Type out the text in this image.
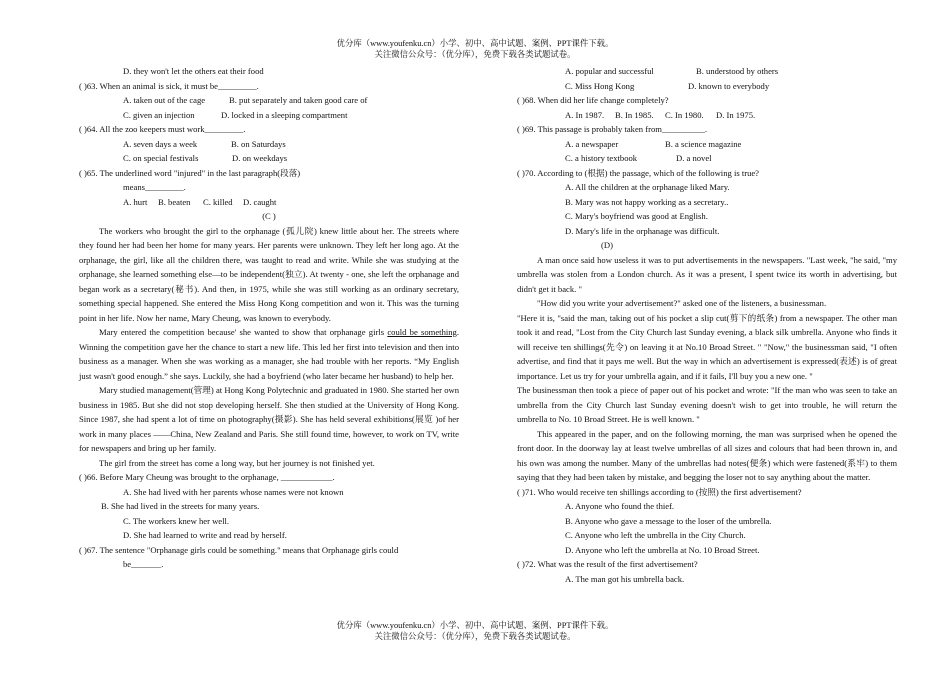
优分库（www.youfenku.cn）小学、初中、高中试题、案例、PPT课件下载。
关注微信公众号：（优分库），免费下载各类试题试卷。
D. they won't let the others eat their food
( )63. When an animal is sick, it must be_________.
A. taken out of the cage	B. put separately and taken good care of
C. given an injection	D. locked in a sleeping compartment
( )64. All the zoo keepers must work_________.
A. seven days a week	B. on Saturdays
C. on special festivals	D. on weekdays
( )65. The underlined word "injured" in the last paragraph(段落)
means_________.
A. hurt B. beaten C. killed D. caught
(C )
The workers who brought the girl to the orphanage (孤儿院) knew little about her. The streets where they found her had been her home for many years. Her parents were unknown. They left her long ago. At the orphanage, the girl, like all the children there, was taught to read and write. While she was studying at the orphanage, she learned something else—to be independent(独立). At twenty - one, she left the orphanage and began work as a secretary(秘书). And then, in 1975, while she was still working as an ordinary secretary, something special happened. She entered the Miss Hong Kong competition and won it. This was the turning point in her life. Now her name, Mary Cheung, was known to everybody.
Mary entered the competition because' she wanted to show that orphanage girls could be something. Winning the competition gave her the chance to start a new life. This led her first into television and then into business as a manager. When she was working as a manager, she had trouble with her reports. “My English just wasn't good enough.” she says. Luckily, she had a boyfriend (who later became her husband) to help her.
Mary studied management(管理) at Hong Kong Polytechnic and graduated in 1980. She started her own business in 1985. But she did not stop developing herself. She then studied at the University of Hong Kong. Since 1987, she had spent a lot of time on photography(摄影). She has held several exhibitions(展览 )of her work in many places ——China, New Zealand and Paris. She still found time, however, to work on TV, write for newspapers and bring up her family.
The girl from the street has come a long way, but her journey is not finished yet.
( )66. Before Mary Cheung was brought to the orphanage, ____________.
A. She had lived with her parents whose names were not known
B. She had lived in the streets for many years.
C. The workers knew her well.
D. She had learned to write and read by herself.
( )67. The sentence "Orphanage girls could be something." means that Orphanage girls could
be_______.
A. popular and successful	B. understood by others
C. Miss Hong Kong	D. known to everybody
( )68. When did her life change completely?
A. In 1987. B. In 1985. C. In 1980. D. In 1975.
( )69. This passage is probably taken from__________.
A. a newspaper	B. a science magazine
C. a history textbook	D. a novel
( )70. According to (根据) the passage, which of the following is true?
A. All the children at the orphanage liked Mary.
B. Mary was not happy working as a secretary..
C. Mary's boyfriend was good at English.
D. Mary's life in the orphanage was difficult.
(D)
A man once said how useless it was to put advertisements in the newspapers. "Last week, "he said, "my umbrella was stolen from a London church. As it was a present, I spent twice its worth in advertising, but didn't get it back. "
"How did you write your advertisement?" asked one of the listeners, a businessman.
"Here it is, "said the man, taking out of his pocket a slip cut(剪下的纸条) from a newspaper. The other man took it and read, "Lost from the City Church last Sunday evening, a black silk umbrella. Anyone who finds it will receive ten shillings(先令) on leaving it at No.10 Broad Street. " "Now," the businessman said, "I often advertise, and find that it pays me well. But the way in which an advertisement is expressed(表述) is of great importance. Let us try for your umbrella again, and if it fails, I'll buy you a new one. "
The businessman then took a piece of paper out of his pocket and wrote: "If the man who was seen to take an umbrella from the City Church last Sunday evening doesn't wish to get into trouble, he will return the umbrella to No. 10 Broad Street. He is well known. "
This appeared in the paper, and on the following morning, the man was surprised when he opened the front door. In the doorway lay at least twelve umbrellas of all sizes and colours that had been thrown in, and his own was among the number. Many of the umbrellas had notes(便条) which were fastened(系牢) to them saying that they had been taken by mistake, and begging the loser not to say anything about the matter.
( )71. Who would receive ten shillings according to (按照) the first advertisement?
A. Anyone who found the thief.
B. Anyone who gave a message to the loser of the umbrella.
C. Anyone who left the umbrella in the City Church.
D. Anyone who left the umbrella at No. 10 Broad Street.
( )72. What was the result of the first advertisement?
A. The man got his umbrella back.
优分库（www.youfenku.cn）小学、初中、高中试题、案例、PPT课件下载。
关注微信公众号：（优分库），免费下载各类试题试卷。
